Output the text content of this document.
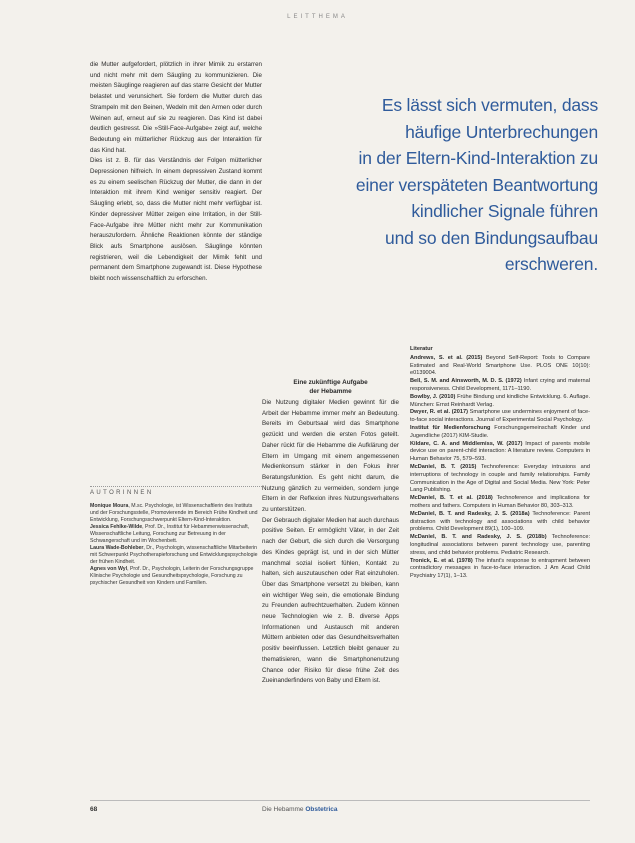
LEITTHEMA

die Mutter aufgefordert, plötzlich in ihrer Mimik zu erstarren und nicht mehr mit dem Säugling zu kommunizieren. Die meisten Säuglinge reagieren auf das starre Gesicht der Mutter belastet und verunsichert. Sie fordern die Mutter durch das Strampeln mit den Beinen, Wedeln mit den Armen oder durch Weinen auf, erneut auf sie zu reagieren. Das Kind ist dabei deutlich gestresst. Die »Still-Face-Aufgabe« zeigt auf, welche Bedeutung ein mütterlicher Rückzug aus der Interaktion für das Kind hat.

Dies ist z. B. für das Verständnis der Folgen mütterlicher Depressionen hilfreich. In einem depressiven Zustand kommt es zu einem seelischen Rückzug der Mutter, die dann in der Interaktion mit ihrem Kind weniger sensitiv reagiert. Der Säugling erlebt, so, dass die Mutter nicht mehr verfügbar ist. Kinder depressiver Mütter zeigen eine Irritation, in der Still-Face-Aufgabe ihre Mütter nicht mehr zur Kommunikation herauszufordern. Ähnliche Reaktionen könnte der ständige Blick aufs Smartphone auslösen. Säuglinge könnten registrieren, weil die Lebendigkeit der Mimik fehlt und permanent dem Smartphone zugewandt ist. Diese Hypothese bleibt noch wissenschaftlich zu erforschen.

Es lässt sich vermuten, dass
häufige Unterbrechungen
in der Eltern-Kind-Interaktion zu
einer verspäteten Beantwortung
kindlicher Signale führen
und so den Bindungsaufbau
erschweren.
Eine zukünftige Aufgabe
der Hebamme

Die Nutzung digitaler Medien gewinnt für die Arbeit der Hebamme immer mehr an Bedeutung. Bereits im Geburtsaal wird das Smartphone gezückt und werden die ersten Fotos geteilt. Daher rückt für die Hebamme die Aufklärung der Eltern im Umgang mit einem angemessenen Medienkonsum stärker in den Fokus ihrer Beratungsfunktion. Es geht nicht darum, die Nutzung gänzlich zu vermeiden, sondern junge Eltern in der Reflexion ihres Nutzungsverhaltens zu unterstützen.

Der Gebrauch digitaler Medien hat auch durchaus positive Seiten. Er ermöglicht Väter, in der Zeit nach der Geburt, die sich durch die Versorgung des Kindes geprägt ist, und in der sich Mütter manchmal sozial isoliert fühlen, Kontakt zu halten, sich auszutauschen oder Rat einzuholen. Über das Smartphone versetzt zu bleiben, kann ein wichtiger Weg sein, die emotionale Bindung zu Freunden aufrechtzuerhalten. Zudem können neue Technologien wie z. B. diverse Apps Informationen und Austausch mit anderen Müttern anbieten oder das Gesundheitsverhalten positiv beeinflussen. Letztlich bleibt genauer zu thematisieren, wann die Smartphonenutzung Chance oder Risiko für diese frühe Zeit des Zueinanderfindens von Baby und Eltern ist.

AUTORINNEN

Monique Moura, M.sc. Psychologie, ist Wissenschaftlerin des Instituts und der Forschungsstelle, Promovierende im Bereich Frühe Kindheit und Entwicklung, Forschungsschwerpunkt Eltern-Kind-Interaktion.

Jessica Fehlke-Wilde, Prof. Dr., Institut für Hebammenwissenschaft, Wissenschaftliche Leitung, Forschung zur Betreuung in der Schwangerschaft und im Wochenbett.

Laura Wade-Bohleber, Dr., Psychologin, wissenschaftliche Mitarbeiterin mit Schwerpunkt Psychotherapieforschung und Entwicklungspsychologie der frühen Kindheit.

Agnes von Wyl, Prof. Dr., Psychologin, Leiterin der Forschungsgruppe Klinische Psychologie und Gesundheitspsychologie, Forschung zu psychischer Gesundheit von Kindern und Familien.

Literatur

Andrews, S. et al. (2015) Beyond Self-Report: Tools to Compare Estimated and Real-World Smartphone Use. PLOS ONE 10(10): e0139004.

Bell, S. M. and Ainsworth, M. D. S. (1972) Infant crying and maternal responsiveness. Child Development, 1171–1190.

Bowlby, J. (2010) Frühe Bindung und kindliche Entwicklung. 6. Auflage. München: Ernst Reinhardt Verlag.

Dwyer, R. et al. (2017) Smartphone use undermines enjoyment of face-to-face social interactions. Journal of Experimental Social Psychology.

Institut für Medienforschung Forschungsgemeinschaft Kinder und Jugendliche (2017) KIM-Studie.

Kildare, C. A. and Middlemiss, W. (2017) Impact of parents mobile device use on parent-child interaction: A literature review. Computers in Human Behavior 75, 579–593.

McDaniel, B. T. (2015) Technoference: Everyday intrusions and interruptions of technology in couple and family relationships. Family Communication in the Age of Digital and Social Media. New York: Peter Lang Publishing.

McDaniel, B. T. et al. (2018) Technoference and implications for mothers and fathers. Computers in Human Behavior 80, 303–313.

McDaniel, B. T. and Radesky, J. S. (2018a) Technoference: Parent distraction with technology and associations with child behavior problems. Child Development 89(1), 100–109.

McDaniel, B. T. and Radesky, J. S. (2018b) Technoference: longitudinal associations between parent technology use, parenting stress, and child behavior problems. Pediatric Research.

Tronick, E. et al. (1978) The infant's response to entrapment between contradictory messages in face-to-face interaction. J Am Acad Child Psychiatry 17(1), 1–13.

68	Die Hebamme Obstetrica
